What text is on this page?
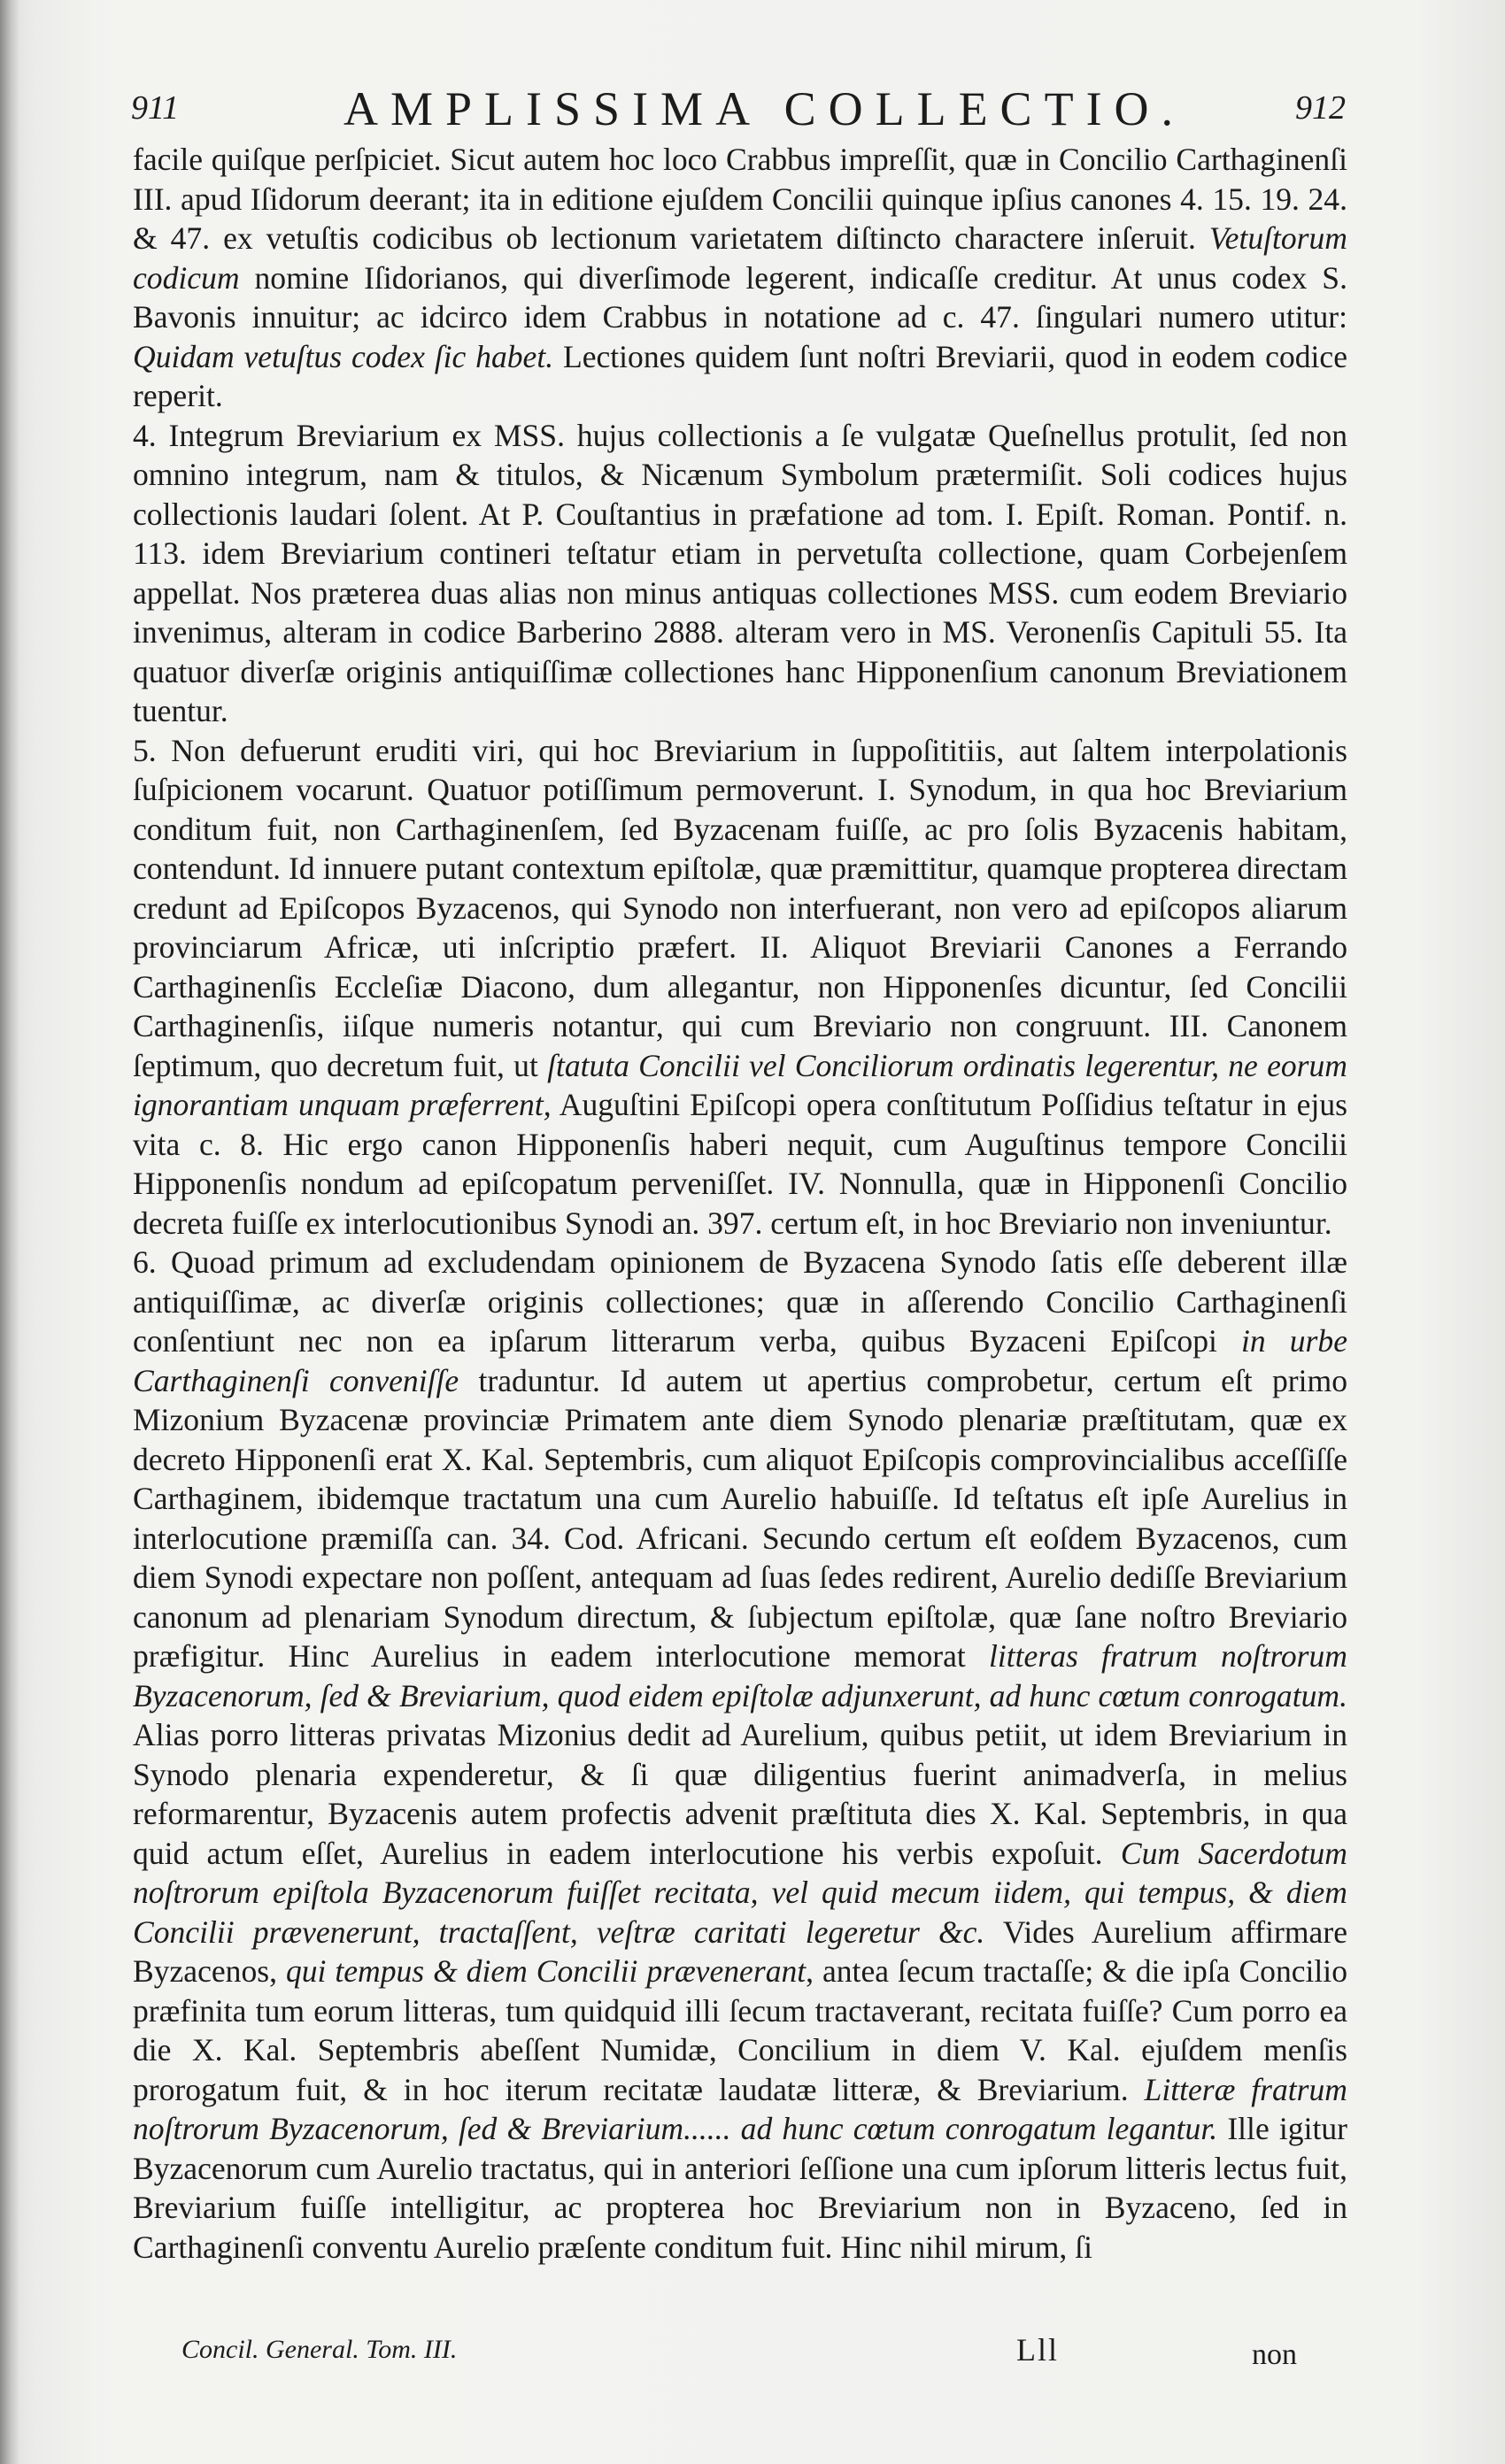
911	AMPLISSIMA COLLECTIO.	912

facile quiſque perſpiciet. Sicut autem hoc loco Crabbus impreſſit, quæ in Concilio Carthaginenſi III. apud Iſidorum deerant; ita in editione ejuſdem Concilii quinque ipſius canones 4. 15. 19. 24. & 47. ex vetuſtis codicibus ob lectionum varietatem diſtincto charactere inſeruit. Vetuſtorum codicum nomine Iſidorianos, qui diverſimode legerent, indicaſſe creditur. At unus codex S. Bavonis innuitur; ac idcirco idem Crabbus in notatione ad c. 47. ſingulari numero utitur: Quidam vetuſtus codex ſic habet. Lectiones quidem ſunt noſtri Breviarii, quod in eodem codice reperit.

4. Integrum Breviarium ex MSS. hujus collectionis a ſe vulgatæ Queſnellus protulit, ſed non omnino integrum, nam & titulos, & Nicænum Symbolum prætermiſit. Soli codices hujus collectionis laudari ſolent. At P. Couſtantius in præfatione ad tom. I. Epiſt. Roman. Pontif. n. 113. idem Breviarium contineri teſtatur etiam in pervetuſta collectione, quam Corbejenſem appellat. Nos præterea duas alias non minus antiquas collectiones MSS. cum eodem Breviario invenimus, alteram in codice Barberino 2888. alteram vero in MS. Veronenſis Capituli 55. Ita quatuor diverſæ originis antiquiſſimæ collectiones hanc Hipponenſium canonum Breviationem tuentur.

5. Non defuerunt eruditi viri, qui hoc Breviarium in ſuppoſititiis, aut ſaltem interpolationis ſuſpicionem vocarunt. Quatuor potiſſimum permoverunt. I. Synodum, in qua hoc Breviarium conditum fuit, non Carthaginenſem, ſed Byzacenam fuiſſe, ac pro ſolis Byzacenis habitam, contendunt. Id innuere putant contextum epiſtolæ, quæ præmittitur, quamque propterea directam credunt ad Epiſcopos Byzacenos, qui Synodo non interfuerant, non vero ad epiſcopos aliarum provinciarum Africæ, uti inſcriptio præfert. II. Aliquot Breviarii Canones a Ferrando Carthaginenſis Eccleſiæ Diacono, dum allegantur, non Hipponenſes dicuntur, ſed Concilii Carthaginenſis, iiſque numeris notantur, qui cum Breviario non congruunt. III. Canonem ſeptimum, quo decretum fuit, ut ſtatuta Concilii vel Conciliorum ordinatis legerentur, ne eorum ignorantiam unquam præferrent, Auguſtini Epiſcopi opera conſtitutum Poſſidius teſtatur in ejus vita c. 8. Hic ergo canon Hipponenſis haberi nequit, cum Auguſtinus tempore Concilii Hipponenſis nondum ad epiſcopatum perveniſſet. IV. Nonnulla, quæ in Hipponenſi Concilio decreta fuiſſe ex interlocutionibus Synodi an. 397. certum eſt, in hoc Breviario non inveniuntur.

6. Quoad primum ad excludendam opinionem de Byzacena Synodo ſatis eſſe deberent illæ antiquiſſimæ, ac diverſæ originis collectiones; quæ in aſſerendo Concilio Carthaginenſi conſentiunt nec non ea ipſarum litterarum verba, quibus Byzaceni Epiſcopi in urbe Carthaginenſi conveniſſe traduntur. Id autem ut apertius comprobetur, certum eſt primo Mizonium Byzacenæ provinciæ Primatem ante diem Synodo plenariæ præſtitutam, quæ ex decreto Hipponenſi erat X. Kal. Septembris, cum aliquot Epiſcopis comprovincialibus acceſſiſſe Carthaginem, ibidemque tractatum una cum Aurelio habuiſſe. Id teſtatus eſt ipſe Aurelius in interlocutione præmiſſa can. 34. Cod. Africani. Secundo certum eſt eoſdem Byzacenos, cum diem Synodi expectare non poſſent, antequam ad ſuas ſedes redirent, Aurelio dediſſe Breviarium canonum ad plenariam Synodum directum, & ſubjectum epiſtolæ, quæ ſane noſtro Breviario præfigitur. Hinc Aurelius in eadem interlocutione memorat litteras fratrum noſtrorum Byzacenorum, ſed & Breviarium, quod eidem epiſtolæ adjunxerunt, ad hunc cœtum conrogatum. Alias porro litteras privatas Mizonius dedit ad Aurelium, quibus petiit, ut idem Breviarium in Synodo plenaria expenderetur, & ſi quæ diligentius fuerint animadverſa, in melius reformarentur, Byzacenis autem profectis advenit præſtituta dies X. Kal. Septembris, in qua quid actum eſſet, Aurelius in eadem interlocutione his verbis expoſuit. Cum Sacerdotum noſtrorum epiſtola Byzacenorum fuiſſet recitata, vel quid mecum iidem, qui tempus, & diem Concilii prævenerunt, tractaſſent, veſtræ caritati legeretur &c. Vides Aurelium affirmare Byzacenos, qui tempus & diem Concilii prævenerant, antea ſecum tractaſſe; & die ipſa Concilio præfinita tum eorum litteras, tum quidquid illi ſecum tractaverant, recitata fuiſſe? Cum porro ea die X. Kal. Septembris abeſſent Numidæ, Concilium in diem V. Kal. ejuſdem menſis prorogatum fuit, & in hoc iterum recitatæ laudatæ litteræ, & Breviarium. Litteræ fratrum noſtrorum Byzacenorum, ſed & Breviarium...... ad hunc cœtum conrogatum legantur. Ille igitur Byzacenorum cum Aurelio tractatus, qui in anteriori ſeſſione una cum ipſorum litteris lectus fuit, Breviarium fuiſſe intelligitur, ac propterea hoc Breviarium non in Byzaceno, ſed in Carthaginenſi conventu Aurelio præſente conditum fuit. Hinc nihil mirum, ſi

Concil. General. Tom. III.	Lll	non
